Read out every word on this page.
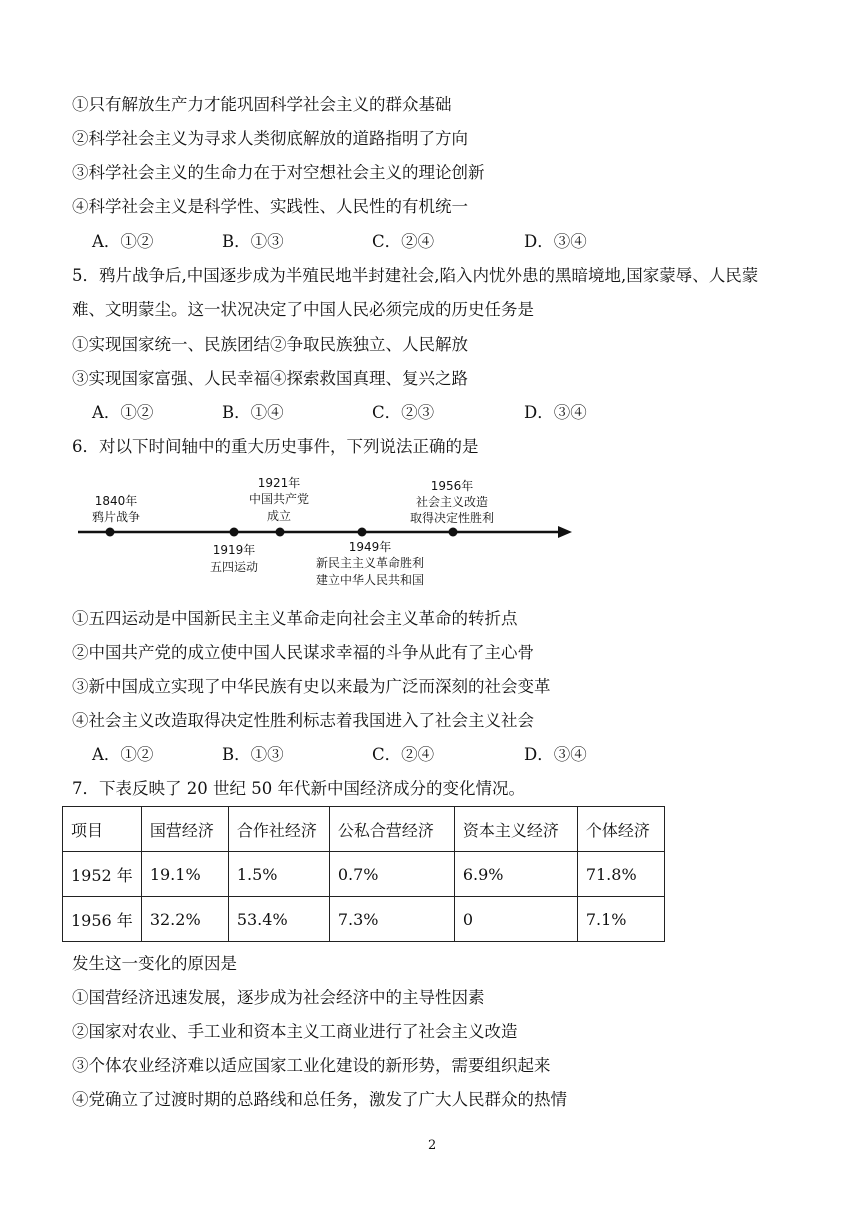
①只有解放生产力才能巩固科学社会主义的群众基础
②科学社会主义为寻求人类彻底解放的道路指明了方向
③科学社会主义的生命力在于对空想社会主义的理论创新
④科学社会主义是科学性、实践性、人民性的有机统一
A．①②	B．①③	C．②④	D．③④
5．鸦片战争后,中国逐步成为半殖民地半封建社会,陷入内忧外患的黑暗境地,国家蒙辱、人民蒙
难、文明蒙尘。这一状况决定了中国人民必须完成的历史任务是
①实现国家统一、民族团结②争取民族独立、人民解放
③实现国家富强、人民幸福④探索救国真理、复兴之路
A．①②	B．①④	C．②③	D．③④
6．对以下时间轴中的重大历史事件，下列说法正确的是
1840年
鸦片战争
1921年
中国共产党
成立
1956年
社会主义改造
取得决定性胜利
1919年
五四运动
1949年
新民主主义革命胜利
建立中华人民共和国
①五四运动是中国新民主主义革命走向社会主义革命的转折点
②中国共产党的成立使中国人民谋求幸福的斗争从此有了主心骨
③新中国成立实现了中华民族有史以来最为广泛而深刻的社会变革
④社会主义改造取得决定性胜利标志着我国进入了社会主义社会
A．①②	B．①③	C．②④	D．③④
7．下表反映了 20 世纪 50 年代新中国经济成分的变化情况。
项目	国营经济	合作社经济	公私合营经济	资本主义经济	个体经济
1952 年	19.1%	1.5%	0.7%	6.9%	71.8%
1956 年	32.2%	53.4%	7.3%	0	7.1%
发生这一变化的原因是
①国营经济迅速发展，逐步成为社会经济中的主导性因素
②国家对农业、手工业和资本主义工商业进行了社会主义改造
③个体农业经济难以适应国家工业化建设的新形势，需要组织起来
④党确立了过渡时期的总路线和总任务，激发了广大人民群众的热情
2
